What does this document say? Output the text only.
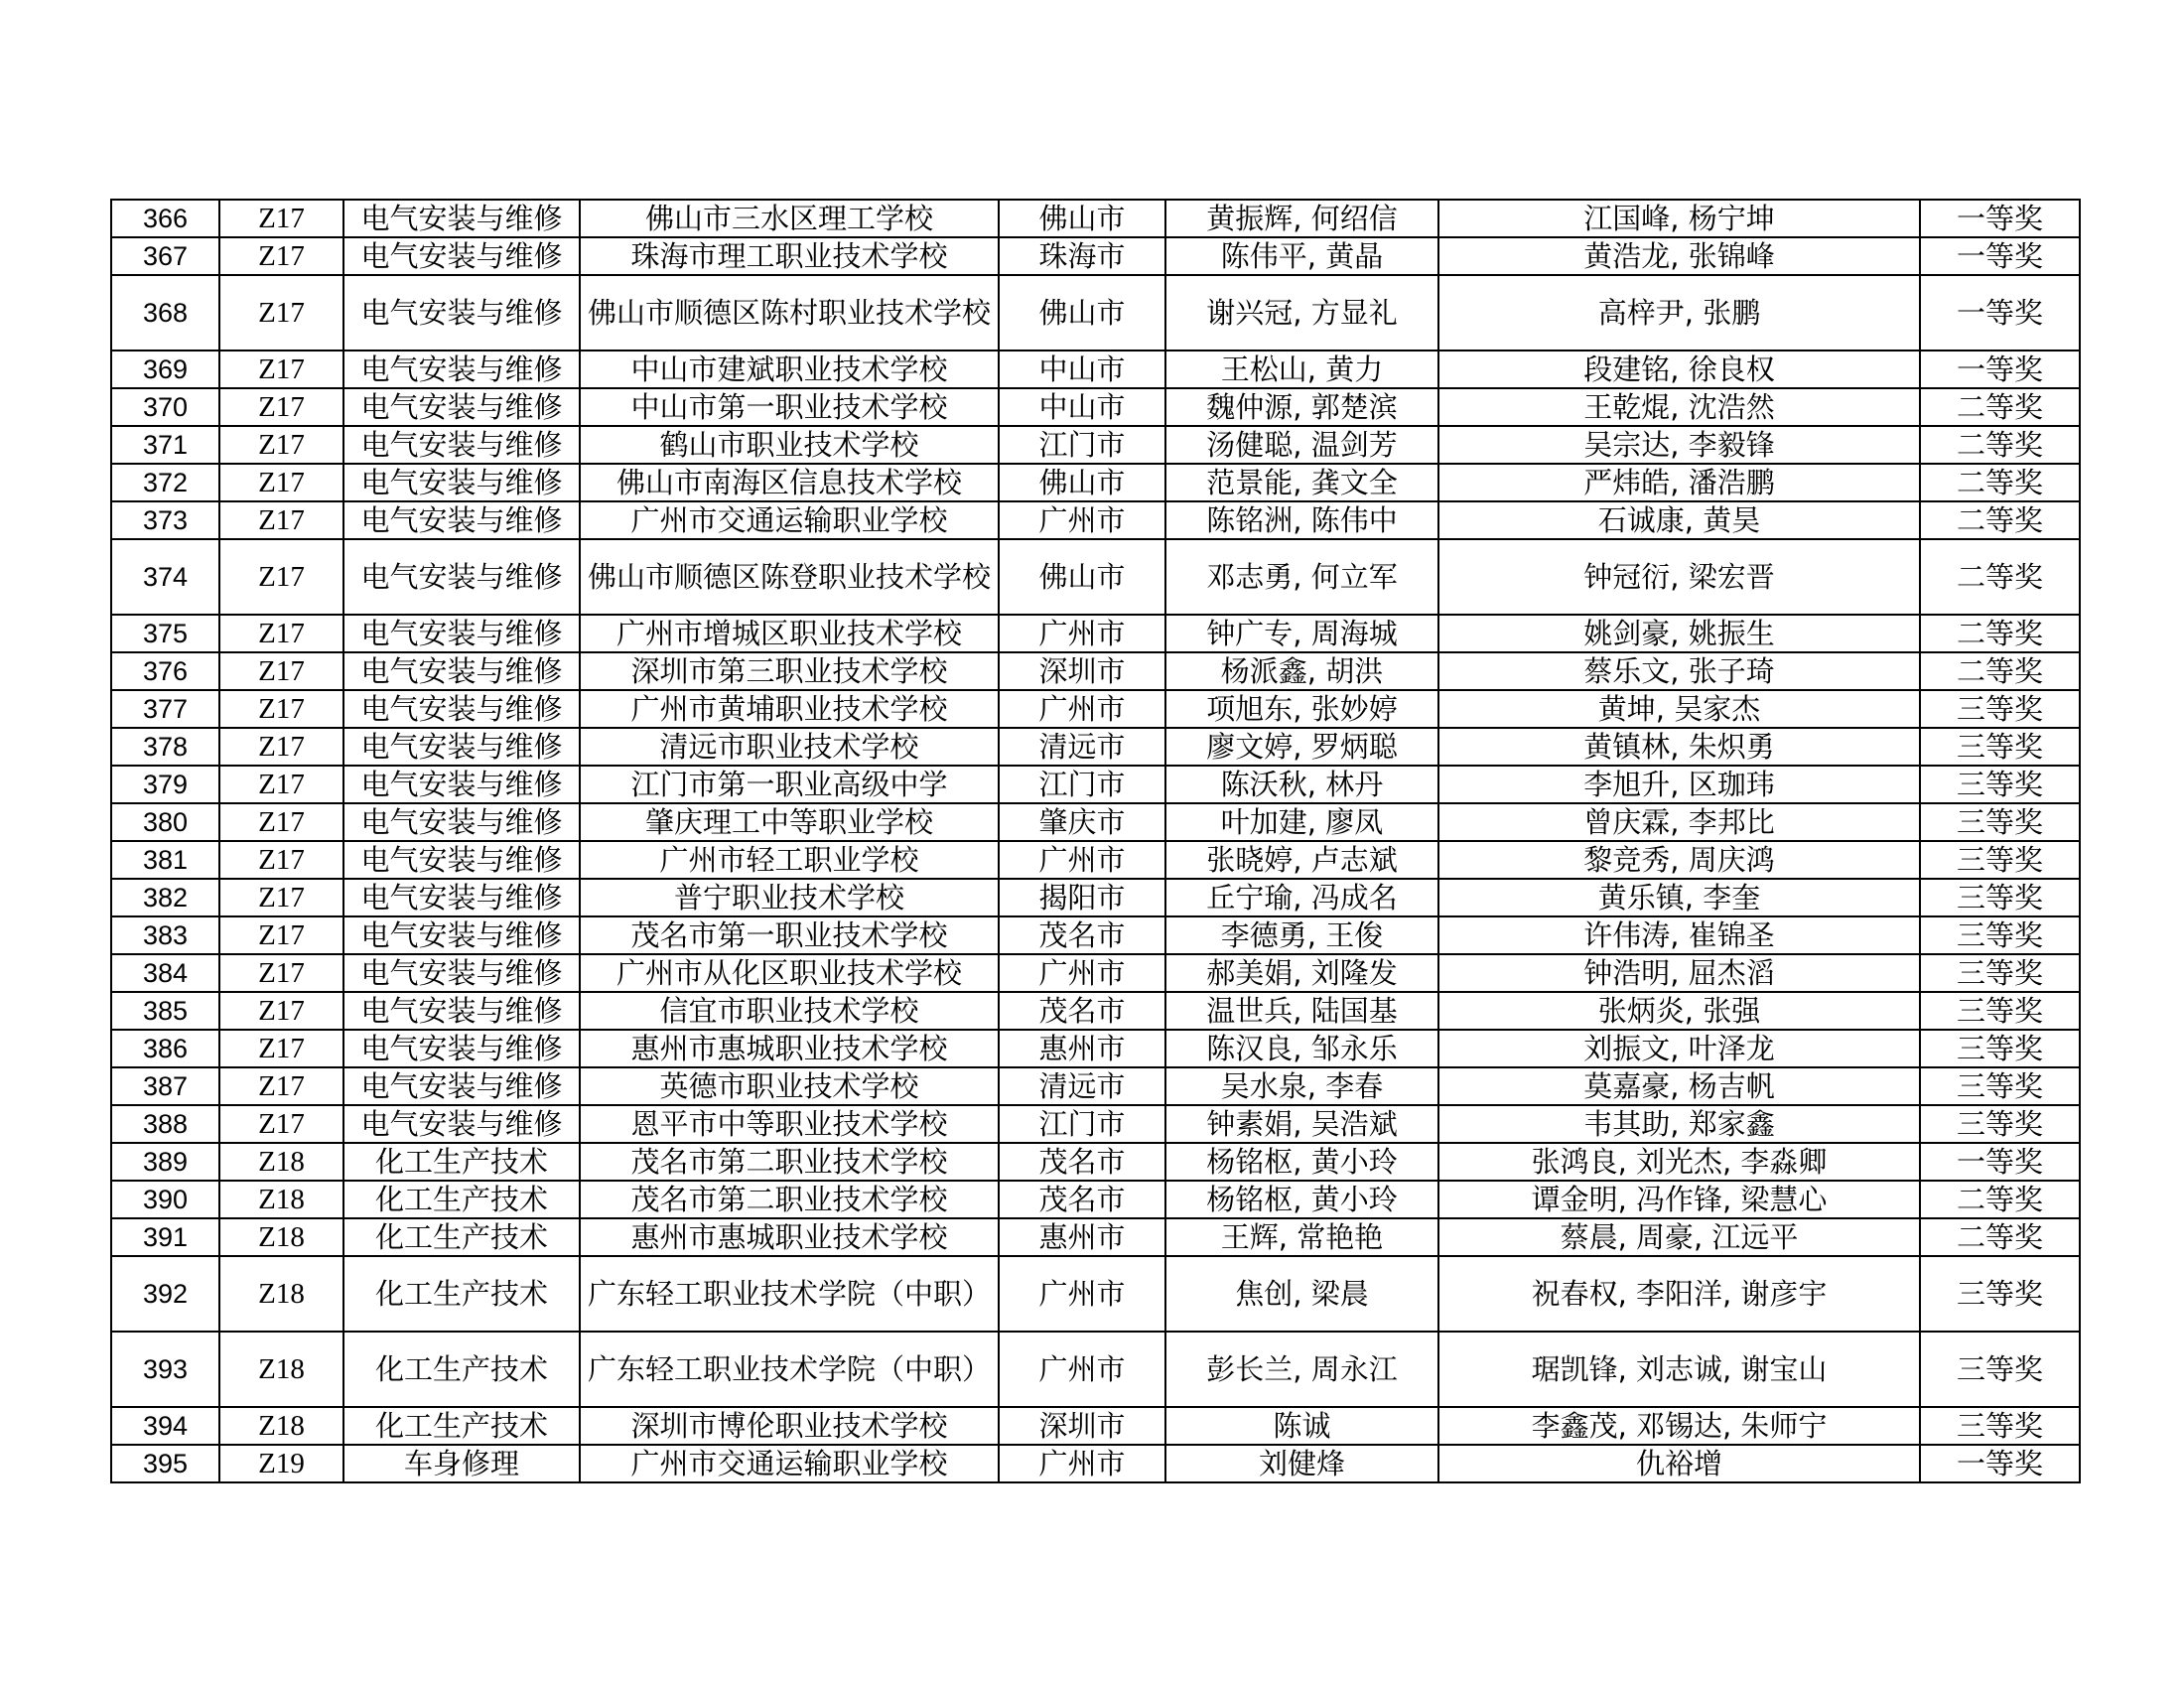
366	Z17	电气安装与维修	佛山市三水区理工学校	佛山市	黄振辉, 何绍信	江国峰, 杨宁坤	一等奖
367	Z17	电气安装与维修	珠海市理工职业技术学校	珠海市	陈伟平, 黄晶	黄浩龙, 张锦峰	一等奖
368	Z17	电气安装与维修	佛山市顺德区陈村职业技术学校	佛山市	谢兴冠, 方显礼	高梓尹, 张鹏	一等奖
369	Z17	电气安装与维修	中山市建斌职业技术学校	中山市	王松山, 黄力	段建铭, 徐良权	一等奖
370	Z17	电气安装与维修	中山市第一职业技术学校	中山市	魏仲源, 郭楚滨	王乾焜, 沈浩然	二等奖
371	Z17	电气安装与维修	鹤山市职业技术学校	江门市	汤健聪, 温剑芳	吴宗达, 李毅锋	二等奖
372	Z17	电气安装与维修	佛山市南海区信息技术学校	佛山市	范景能, 龚文全	严炜皓, 潘浩鹏	二等奖
373	Z17	电气安装与维修	广州市交通运输职业学校	广州市	陈铭洲, 陈伟中	石诚康, 黄昊	二等奖
374	Z17	电气安装与维修	佛山市顺德区陈登职业技术学校	佛山市	邓志勇, 何立军	钟冠衍, 梁宏晋	二等奖
375	Z17	电气安装与维修	广州市增城区职业技术学校	广州市	钟广专, 周海城	姚剑豪, 姚振生	二等奖
376	Z17	电气安装与维修	深圳市第三职业技术学校	深圳市	杨派鑫, 胡洪	蔡乐文, 张子琦	二等奖
377	Z17	电气安装与维修	广州市黄埔职业技术学校	广州市	项旭东, 张妙婷	黄坤, 吴家杰	三等奖
378	Z17	电气安装与维修	清远市职业技术学校	清远市	廖文婷, 罗炳聪	黄镇林, 朱炽勇	三等奖
379	Z17	电气安装与维修	江门市第一职业高级中学	江门市	陈沃秋, 林丹	李旭升, 区珈玮	三等奖
380	Z17	电气安装与维修	肇庆理工中等职业学校	肇庆市	叶加建, 廖凤	曾庆霖, 李邦比	三等奖
381	Z17	电气安装与维修	广州市轻工职业学校	广州市	张晓婷, 卢志斌	黎竞秀, 周庆鸿	三等奖
382	Z17	电气安装与维修	普宁职业技术学校	揭阳市	丘宁瑜, 冯成名	黄乐镇, 李奎	三等奖
383	Z17	电气安装与维修	茂名市第一职业技术学校	茂名市	李德勇, 王俊	许伟涛, 崔锦圣	三等奖
384	Z17	电气安装与维修	广州市从化区职业技术学校	广州市	郝美娟, 刘隆发	钟浩明, 屈杰滔	三等奖
385	Z17	电气安装与维修	信宜市职业技术学校	茂名市	温世兵, 陆国基	张炳炎, 张强	三等奖
386	Z17	电气安装与维修	惠州市惠城职业技术学校	惠州市	陈汉良, 邹永乐	刘振文, 叶泽龙	三等奖
387	Z17	电气安装与维修	英德市职业技术学校	清远市	吴水泉, 李春	莫嘉豪, 杨吉帆	三等奖
388	Z17	电气安装与维修	恩平市中等职业技术学校	江门市	钟素娟, 吴浩斌	韦其助, 郑家鑫	三等奖
389	Z18	化工生产技术	茂名市第二职业技术学校	茂名市	杨铭枢, 黄小玲	张鸿良, 刘光杰, 李淼卿	一等奖
390	Z18	化工生产技术	茂名市第二职业技术学校	茂名市	杨铭枢, 黄小玲	谭金明, 冯作锋, 梁慧心	二等奖
391	Z18	化工生产技术	惠州市惠城职业技术学校	惠州市	王辉, 常艳艳	蔡晨, 周豪, 江远平	二等奖
392	Z18	化工生产技术	广东轻工职业技术学院（中职）	广州市	焦创, 梁晨	祝春权, 李阳洋, 谢彦宇	三等奖
393	Z18	化工生产技术	广东轻工职业技术学院（中职）	广州市	彭长兰, 周永江	琚凯锋, 刘志诚, 谢宝山	三等奖
394	Z18	化工生产技术	深圳市博伦职业技术学校	深圳市	陈诚	李鑫茂, 邓锡达, 朱师宁	三等奖
395	Z19	车身修理	广州市交通运输职业学校	广州市	刘健烽	仇裕增	一等奖
